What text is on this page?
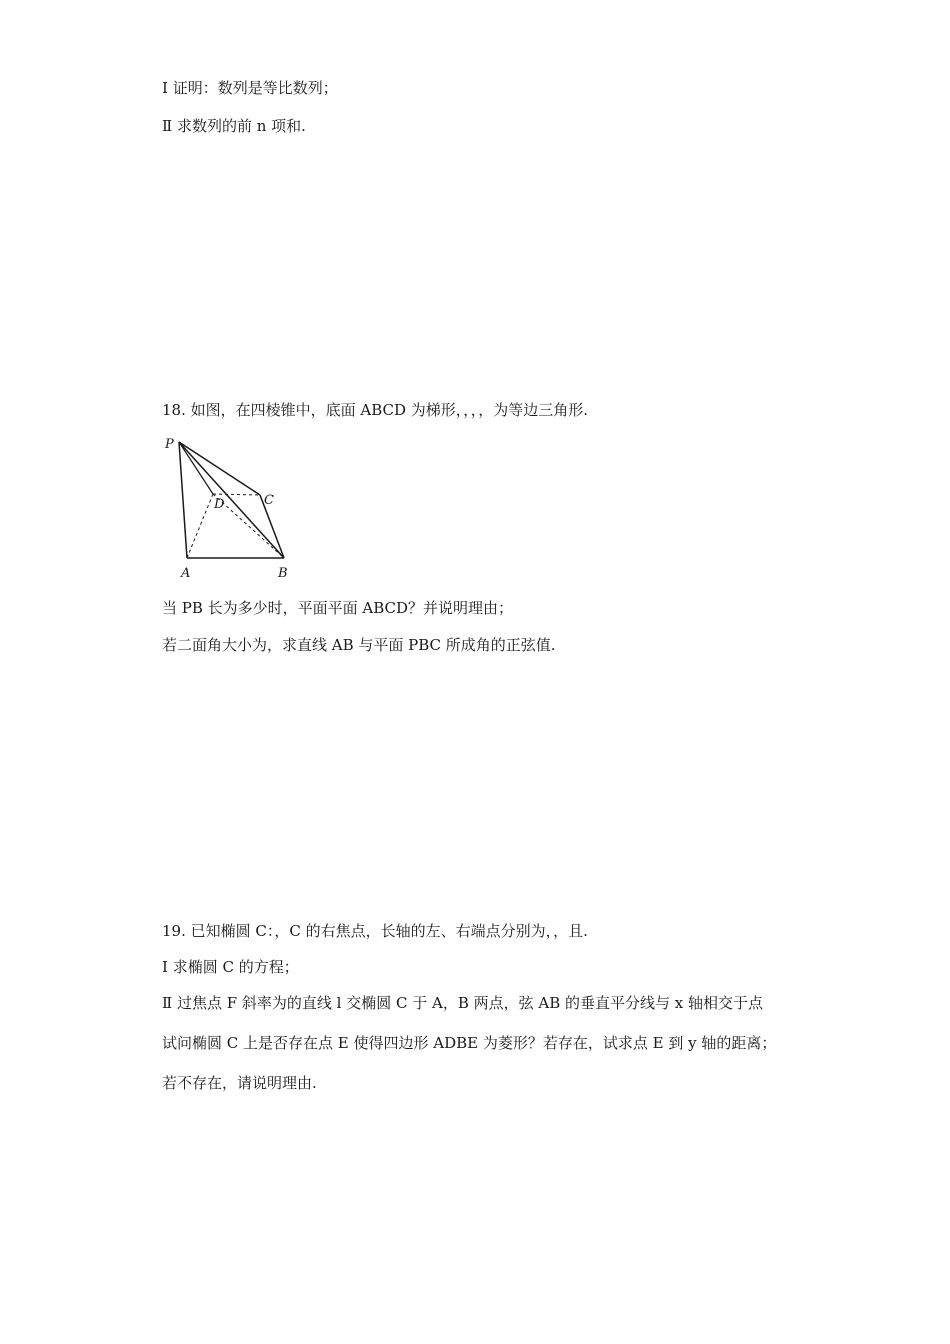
Ⅰ 证明：数列是等比数列；
Ⅱ 求数列的前 n 项和.
18. 如图，在四棱锥中，底面 ABCD 为梯形，，，，为等边三角形.
P
D	C
A	B
当 PB 长为多少时，平面平面 ABCD？并说明理由；
若二面角大小为，求直线 AB 与平面 PBC 所成角的正弦值.
19. 已知椭圆 C：，C 的右焦点，长轴的左、右端点分别为，，且.
Ⅰ 求椭圆 C 的方程；
Ⅱ 过焦点 F 斜率为的直线 l 交椭圆 C 于 A，B 两点，弦 AB 的垂直平分线与 x 轴相交于点
试问椭圆 C 上是否存在点 E 使得四边形 ADBE 为菱形？若存在，试求点 E 到 y 轴的距离；
若不存在，请说明理由.
